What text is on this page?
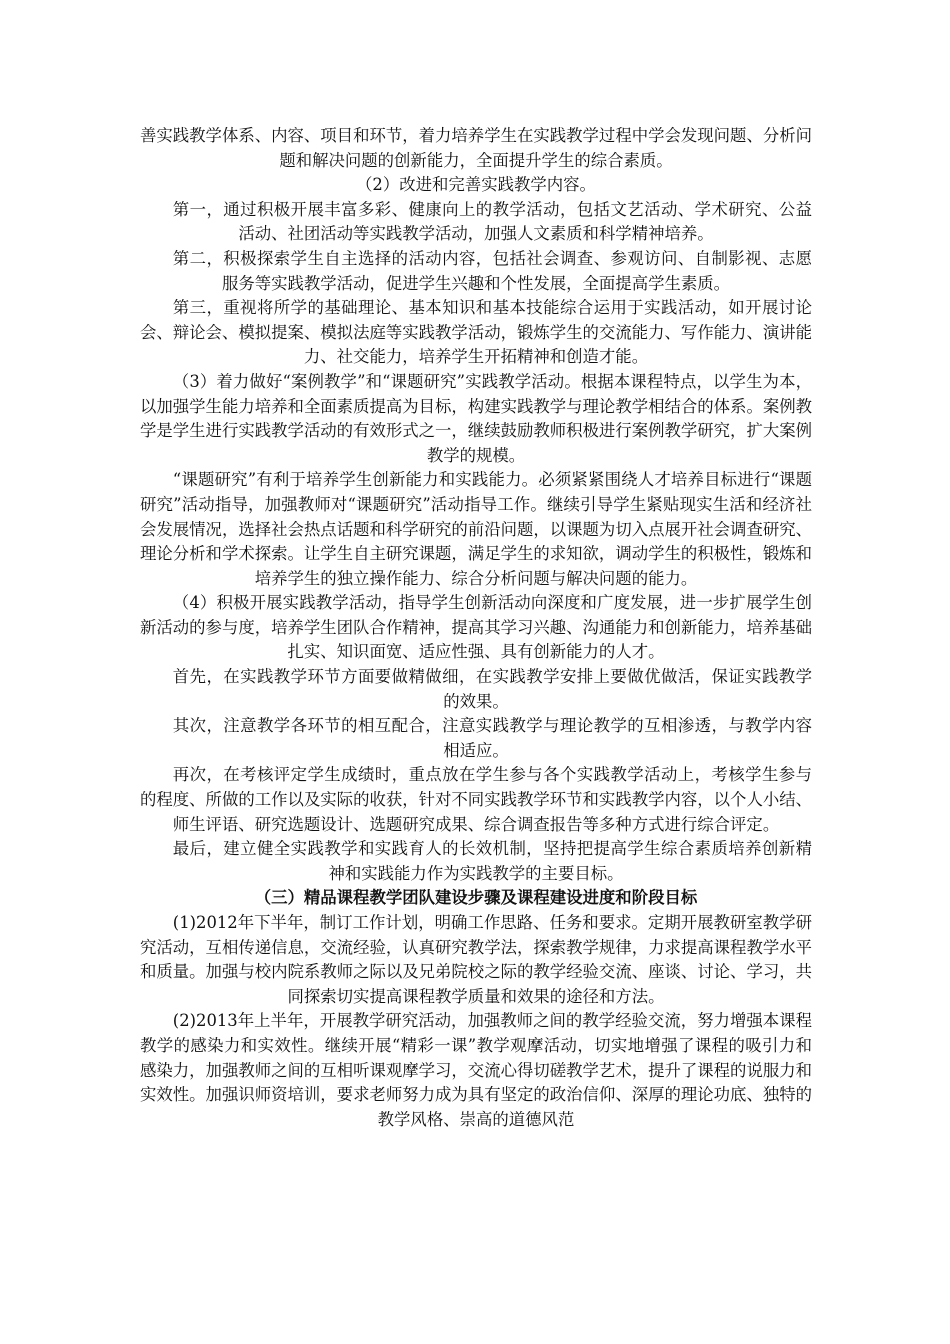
善实践教学体系、内容、项目和环节，着力培养学生在实践教学过程中学会发现问题、分析问题和解决问题的创新能力，全面提升学生的综合素质。

（2）改进和完善实践教学内容。

第一，通过积极开展丰富多彩、健康向上的教学活动，包括文艺活动、学术研究、公益活动、社团活动等实践教学活动，加强人文素质和科学精神培养。

第二，积极探索学生自主选择的活动内容，包括社会调查、参观访问、自制影视、志愿服务等实践教学活动，促进学生兴趣和个性发展，全面提高学生素质。

第三，重视将所学的基础理论、基本知识和基本技能综合运用于实践活动，如开展讨论会、辩论会、模拟提案、模拟法庭等实践教学活动，锻炼学生的交流能力、写作能力、演讲能力、社交能力，培养学生开拓精神和创造才能。

（3）着力做好“案例教学”和“课题研究”实践教学活动。根据本课程特点，以学生为本，以加强学生能力培养和全面素质提高为目标，构建实践教学与理论教学相结合的体系。案例教学是学生进行实践教学活动的有效形式之一，继续鼓励教师积极进行案例教学研究，扩大案例教学的规模。

“课题研究”有利于培养学生创新能力和实践能力。必须紧紧围绕人才培养目标进行“课题研究”活动指导，加强教师对“课题研究”活动指导工作。继续引导学生紧贴现实生活和经济社会发展情况，选择社会热点话题和科学研究的前沿问题，以课题为切入点展开社会调查研究、理论分析和学术探索。让学生自主研究课题，满足学生的求知欲，调动学生的积极性，锻炼和培养学生的独立操作能力、综合分析问题与解决问题的能力。

（4）积极开展实践教学活动，指导学生创新活动向深度和广度发展，进一步扩展学生创新活动的参与度，培养学生团队合作精神，提高其学习兴趣、沟通能力和创新能力，培养基础扎实、知识面宽、适应性强、具有创新能力的人才。

首先，在实践教学环节方面要做精做细，在实践教学安排上要做优做活，保证实践教学的效果。

其次，注意教学各环节的相互配合，注意实践教学与理论教学的互相渗透，与教学内容相适应。

再次，在考核评定学生成绩时，重点放在学生参与各个实践教学活动上，考核学生参与的程度、所做的工作以及实际的收获，针对不同实践教学环节和实践教学内容，以个人小结、师生评语、研究选题设计、选题研究成果、综合调查报告等多种方式进行综合评定。

最后，建立健全实践教学和实践育人的长效机制，坚持把提高学生综合素质培养创新精神和实践能力作为实践教学的主要目标。

（三）精品课程教学团队建设步骤及课程建设进度和阶段目标

(1)2012年下半年，制订工作计划，明确工作思路、任务和要求。定期开展教研室教学研究活动，互相传递信息，交流经验，认真研究教学法，探索教学规律，力求提高课程教学水平和质量。加强与校内院系教师之际以及兄弟院校之际的教学经验交流、座谈、讨论、学习，共同探索切实提高课程教学质量和效果的途径和方法。

(2)2013年上半年，开展教学研究活动，加强教师之间的教学经验交流，努力增强本课程教学的感染力和实效性。继续开展“精彩一课”教学观摩活动，切实地增强了课程的吸引力和感染力，加强教师之间的互相听课观摩学习，交流心得切磋教学艺术，提升了课程的说服力和实效性。加强识师资培训，要求老师努力成为具有坚定的政治信仰、深厚的理论功底、独特的教学风格、崇高的道德风范
